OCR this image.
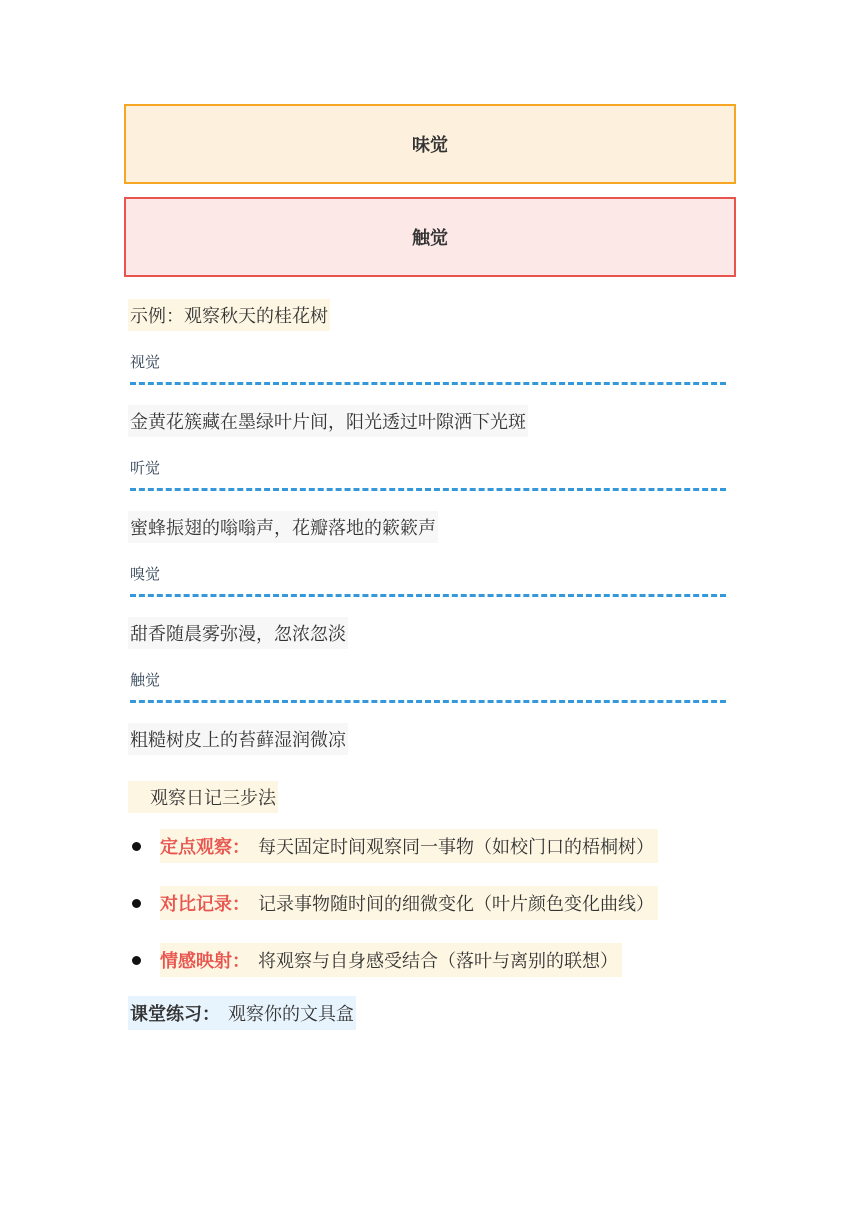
味觉
触觉
示例：观察秋天的桂花树
视觉
金黄花簇藏在墨绿叶片间，阳光透过叶隙洒下光斑
听觉
蜜蜂振翅的嗡嗡声，花瓣落地的簌簌声
嗅觉
甜香随晨雾弥漫，忽浓忽淡
触觉
粗糙树皮上的苔藓湿润微凉
观察日记三步法
定点观察： 每天固定时间观察同一事物（如校门口的梧桐树）
对比记录： 记录事物随时间的细微变化（叶片颜色变化曲线）
情感映射： 将观察与自身感受结合（落叶与离别的联想）
课堂练习： 观察你的文具盒
